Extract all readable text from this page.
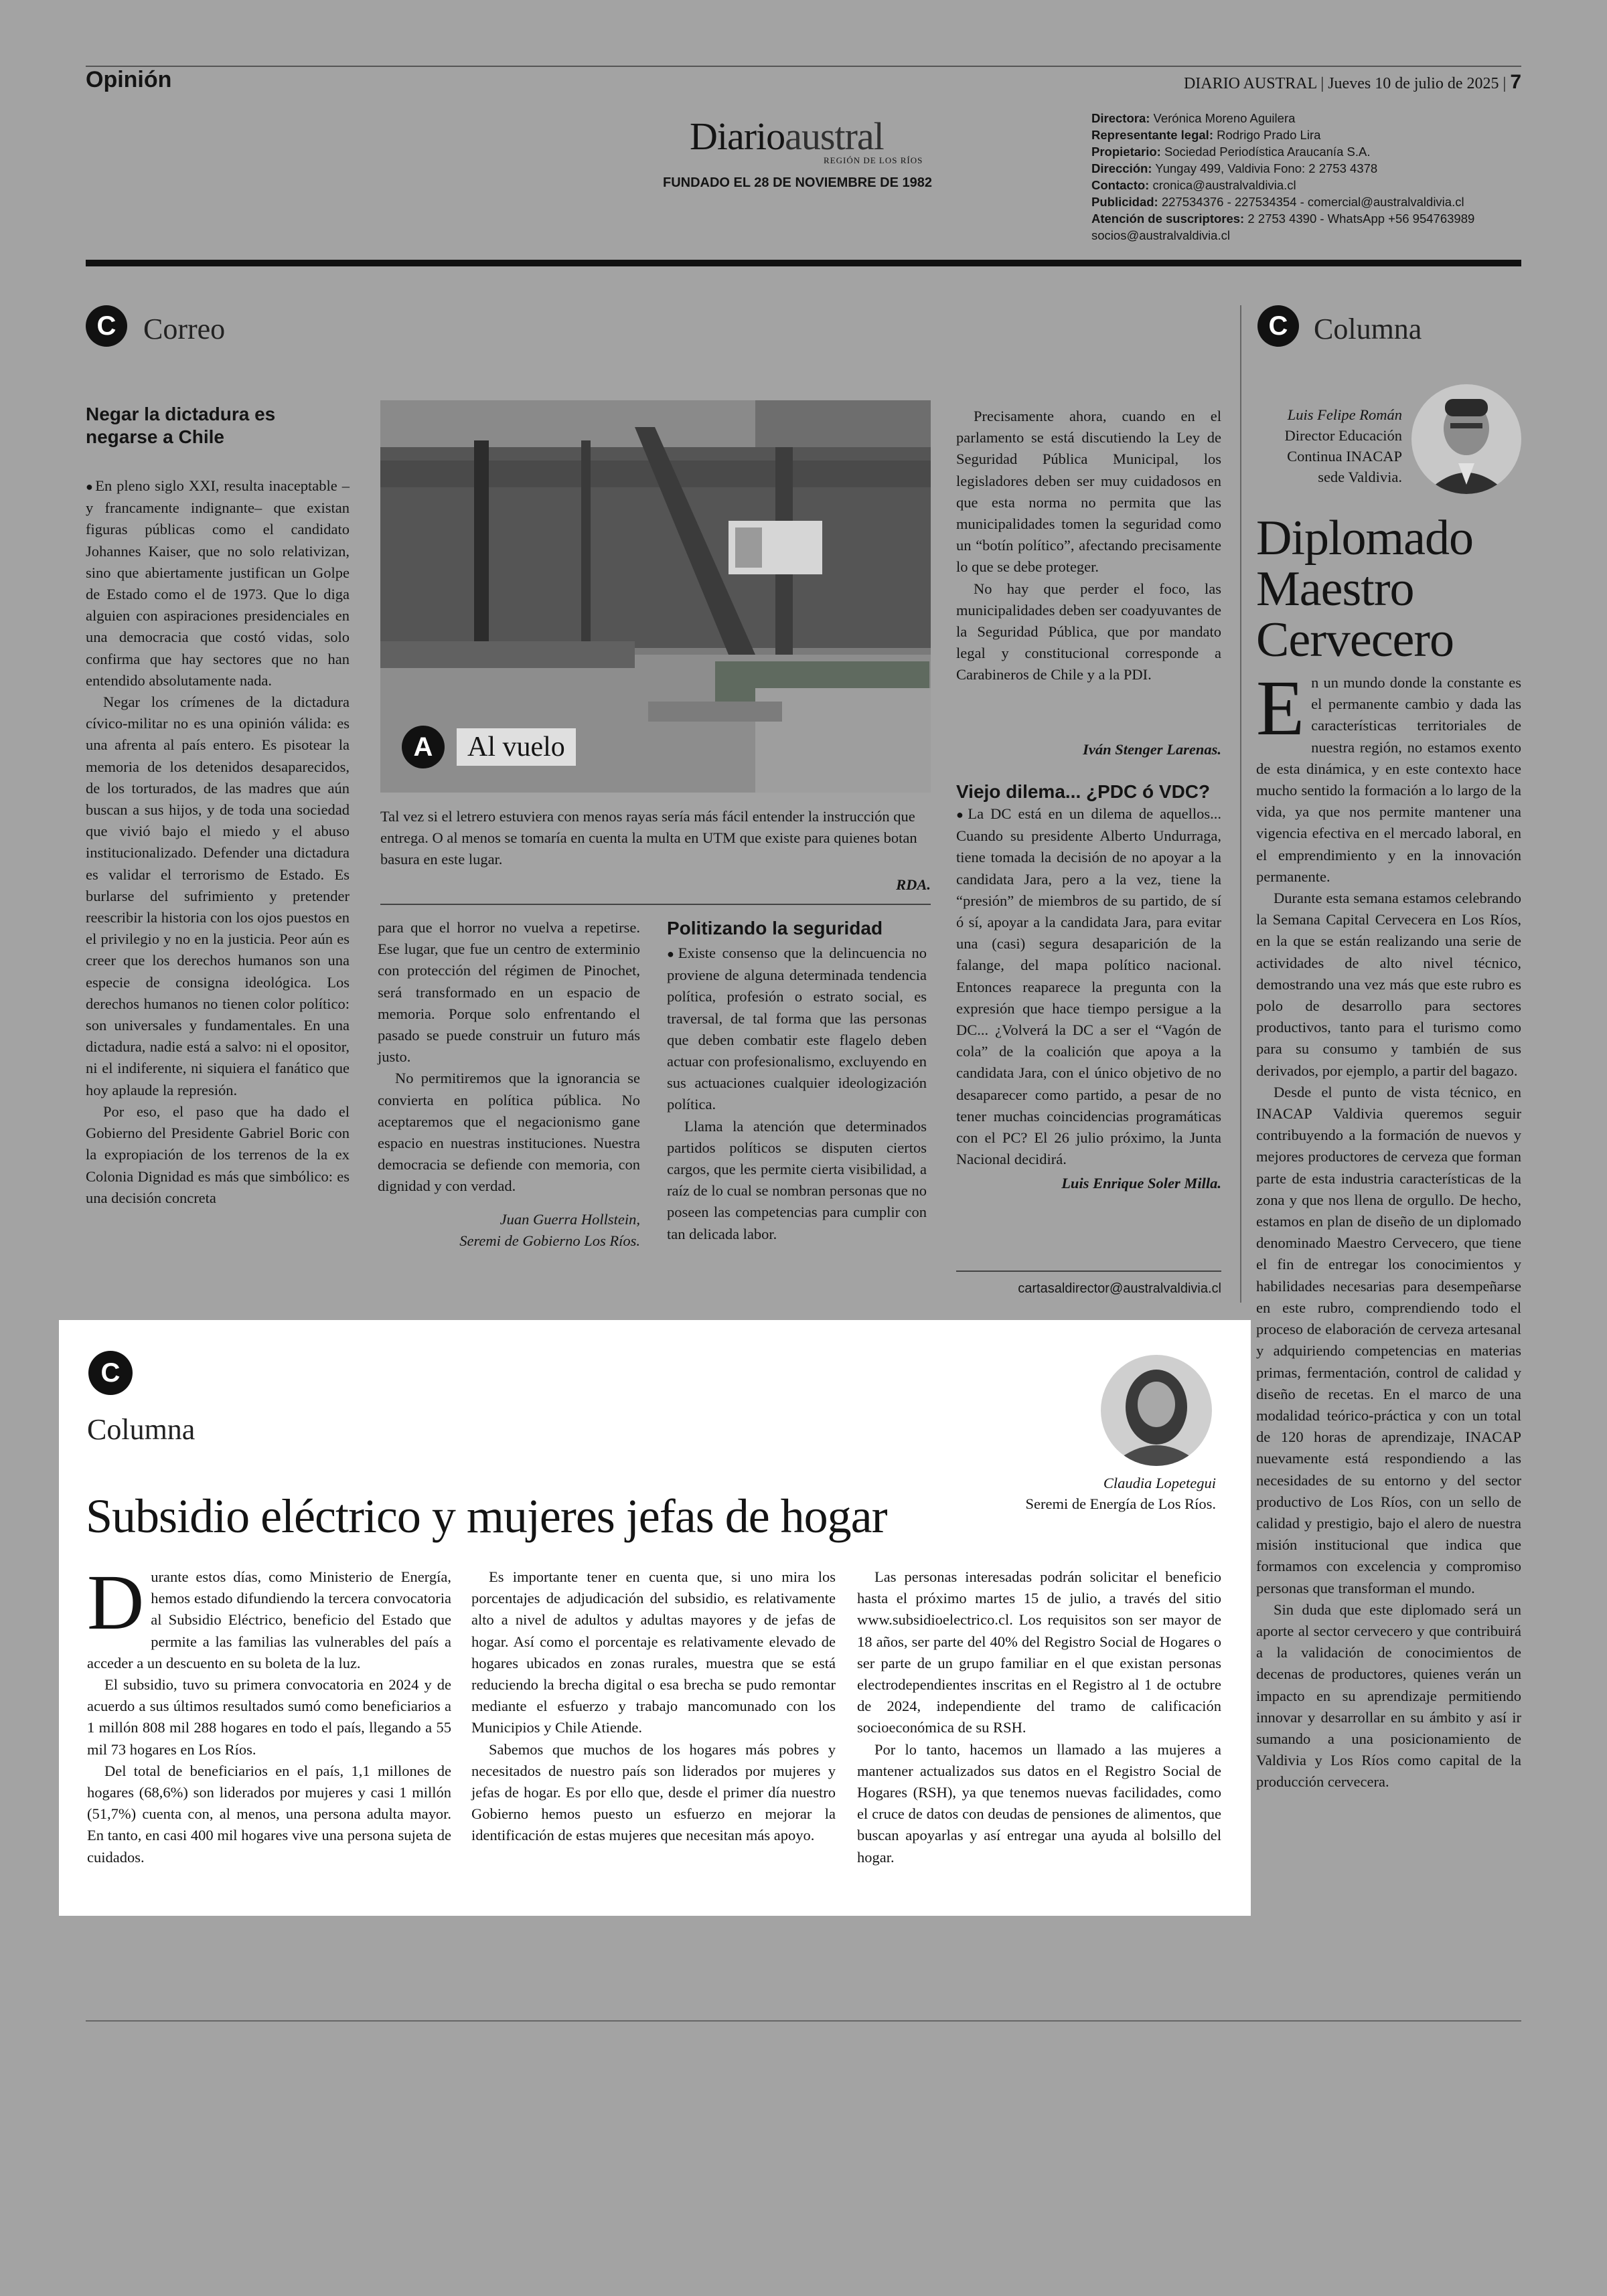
Opinión	DIARIO AUSTRAL | Jueves 10 de julio de 2025 | 7
Diarioaustral
REGIÓN DE LOS RÍOS
FUNDADO EL 28 DE NOVIEMBRE DE 1982
Directora: Verónica Moreno Aguilera
Representante legal: Rodrigo Prado Lira
Propietario: Sociedad Periodística Araucanía S.A.
Dirección: Yungay 499, Valdivia Fono: 2 2753 4378
Contacto: cronica@australvaldivia.cl
Publicidad: 227534376 - 227534354 - comercial@australvaldivia.cl
Atención de suscriptores: 2 2753 4390 - WhatsApp +56 954763989
socios@australvaldivia.cl
C Correo
Negar la dictadura es negarse a Chile

● En pleno siglo XXI, resulta inaceptable –y francamente indignante– que existan figuras públicas como el candidato Johannes Kaiser, que no solo relativizan, sino que abiertamente justifican un Golpe de Estado como el de 1973. Que lo diga alguien con aspiraciones presidenciales en una democracia que costó vidas, solo confirma que hay sectores que no han entendido absolutamente nada.

Negar los crímenes de la dictadura cívico-militar no es una opinión válida: es una afrenta al país entero. Es pisotear la memoria de los detenidos desaparecidos, de los torturados, de las madres que aún buscan a sus hijos, y de toda una sociedad que vivió bajo el miedo y el abuso institucionalizado. Defender una dictadura es validar el terrorismo de Estado. Es burlarse del sufrimiento y pretender reescribir la historia con los ojos puestos en el privilegio y no en la justicia. Peor aún es creer que los derechos humanos son una especie de consigna ideológica. Los derechos humanos no tienen color político: son universales y fundamentales. En una dictadura, nadie está a salvo: ni el opositor, ni el indiferente, ni siquiera el fanático que hoy aplaude la represión.

Por eso, el paso que ha dado el Gobierno del Presidente Gabriel Boric con la expropiación de los terrenos de la ex Colonia Dignidad es más que simbólico: es una decisión concreta

A	Al vuelo

Tal vez si el letrero estuviera con menos rayas sería más fácil entender la instrucción que entrega. O al menos se tomaría en cuenta la multa en UTM que existe para quienes botan basura en este lugar.

RDA.

para que el horror no vuelva a repetirse. Ese lugar, que fue un centro de exterminio con protección del régimen de Pinochet, será transformado en un espacio de memoria. Porque solo enfrentando el pasado se puede construir un futuro más justo.

No permitiremos que la ignorancia se convierta en política pública. No aceptaremos que el negacionismo gane espacio en nuestras instituciones. Nuestra democracia se defiende con memoria, con dignidad y con verdad.

Juan Guerra Hollstein,
Seremi de Gobierno Los Ríos.
Politizando la seguridad

● Existe consenso que la delincuencia no proviene de alguna determinada tendencia política, profesión o estrato social, es traversal, de tal forma que las personas que deben combatir este flagelo deben actuar con profesionalismo, excluyendo en sus actuaciones cualquier ideologización política.

Llama la atención que determinados partidos políticos se disputen ciertos cargos, que les permite cierta visibilidad, a raíz de lo cual se nombran personas que no poseen las competencias para cumplir con tan delicada labor.

Precisamente ahora, cuando en el parlamento se está discutiendo la Ley de Seguridad Pública Municipal, los legisladores deben ser muy cuidadosos en que esta norma no permita que las municipalidades tomen la seguridad como un “botín político”, afectando precisamente lo que se debe proteger.

No hay que perder el foco, las municipalidades deben ser coadyuvantes de la Seguridad Pública, que por mandato legal y constitucional corresponde a Carabineros de Chile y a la PDI.

Iván Stenger Larenas.
Viejo dilema... ¿PDC ó VDC?

● La DC está en un dilema de aquellos... Cuando su presidente Alberto Undurraga, tiene tomada la decisión de no apoyar a la candidata Jara, pero a la vez, tiene la “presión” de miembros de su partido, de sí ó sí, apoyar a la candidata Jara, para evitar una (casi) segura desaparición de la falange, del mapa político nacional. Entonces reaparece la pregunta con la expresión que hace tiempo persigue a la DC... ¿Volverá la DC a ser el “Vagón de cola” de la coalición que apoya a la candidata Jara, con el único objetivo de no desaparecer como partido, a pesar de no tener muchas coincidencias programáticas con el PC? El 26 julio próximo, la Junta Nacional decidirá.

Luis Enrique Soler Milla.
cartasaldirector@australvaldivia.cl
C Columna
Luis Felipe Román
Director Educación
Continua INACAP
sede Valdivia.
Diplomado Maestro Cervecero

En un mundo donde la constante es el permanente cambio y dada las características territoriales de nuestra región, no estamos exento de esta dinámica, y en este contexto hace mucho sentido la formación a lo largo de la vida, ya que nos permite mantener una vigencia efectiva en el mercado laboral, en el emprendimiento y en la innovación permanente.

Durante esta semana estamos celebrando la Semana Capital Cervecera en Los Ríos, en la que se están realizando una serie de actividades de alto nivel técnico, demostrando una vez más que este rubro es polo de desarrollo para sectores productivos, tanto para el turismo como para su consumo y también de sus derivados, por ejemplo, a partir del bagazo.

Desde el punto de vista técnico, en INACAP Valdivia queremos seguir contribuyendo a la formación de nuevos y mejores productores de cerveza que forman parte de esta industria características de la zona y que nos llena de orgullo. De hecho, estamos en plan de diseño de un diplomado denominado Maestro Cervecero, que tiene el fin de entregar los conocimientos y habilidades necesarias para desempeñarse en este rubro, comprendiendo todo el proceso de elaboración de cerveza artesanal y adquiriendo competencias en materias primas, fermentación, control de calidad y diseño de recetas. En el marco de una modalidad teórico-práctica y con un total de 120 horas de aprendizaje, INACAP nuevamente está respondiendo a las necesidades de su entorno y del sector productivo de Los Ríos, con un sello de calidad y prestigio, bajo el alero de nuestra misión institucional que indica que formamos con excelencia y compromiso personas que transforman el mundo.

Sin duda que este diplomado será un aporte al sector cervecero y que contribuirá a la validación de conocimientos de decenas de productores, quienes verán un impacto en su aprendizaje permitiendo innovar y desarrollar en su ámbito y así ir sumando a una posicionamiento de Valdivia y Los Ríos como capital de la producción cervecera.

C
Columna
Claudia Lopetegui
Seremi de Energía de Los Ríos.
Subsidio eléctrico y mujeres jefas de hogar

Durante estos días, como Ministerio de Energía, hemos estado difundiendo la tercera convocatoria al Subsidio Eléctrico, beneficio del Estado que permite a las familias las vulnerables del país a acceder a un descuento en su boleta de la luz.

El subsidio, tuvo su primera convocatoria en 2024 y de acuerdo a sus últimos resultados sumó como beneficiarios a 1 millón 808 mil 288 hogares en todo el país, llegando a 55 mil 73 hogares en Los Ríos.

Del total de beneficiarios en el país, 1,1 millones de hogares (68,6%) son liderados por mujeres y casi 1 millón (51,7%) cuenta con, al menos, una persona adulta mayor. En tanto, en casi 400 mil hogares vive una persona sujeta de cuidados.

Es importante tener en cuenta que, si uno mira los porcentajes de adjudicación del subsidio, es relativamente alto a nivel de adultos y adultas mayores y de jefas de hogar. Así como el porcentaje es relativamente elevado de hogares ubicados en zonas rurales, muestra que se está reduciendo la brecha digital o esa brecha se pudo remontar mediante el esfuerzo y trabajo mancomunado con los Municipios y Chile Atiende.

Sabemos que muchos de los hogares más pobres y necesitados de nuestro país son liderados por mujeres y jefas de hogar. Es por ello que, desde el primer día nuestro Gobierno hemos puesto un esfuerzo en mejorar la identificación de estas mujeres que necesitan más apoyo.

Las personas interesadas podrán solicitar el beneficio hasta el próximo martes 15 de julio, a través del sitio www.subsidioelectrico.cl. Los requisitos son ser mayor de 18 años, ser parte del 40% del Registro Social de Hogares o ser parte de un grupo familiar en el que existan personas electrodependientes inscritas en el Registro al 1 de octubre de 2024, independiente del tramo de calificación socioeconómica de su RSH.

Por lo tanto, hacemos un llamado a las mujeres a mantener actualizados sus datos en el Registro Social de Hogares (RSH), ya que tenemos nuevas facilidades, como el cruce de datos con deudas de pensiones de alimentos, que buscan apoyarlas y así entregar una ayuda al bolsillo del hogar.
